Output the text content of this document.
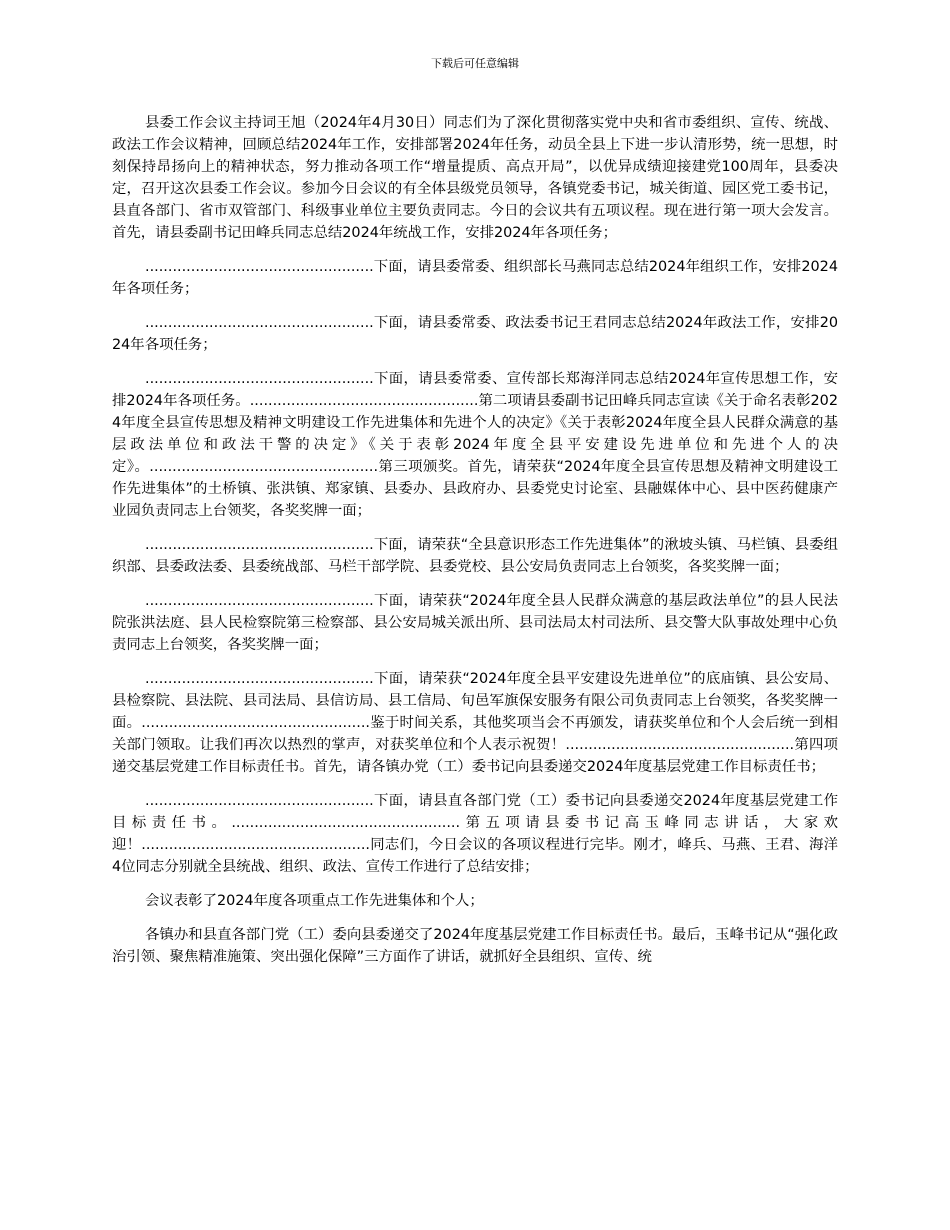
下载后可任意编辑

县委工作会议主持词王旭（2024年4月30日）同志们为了深化贯彻落实党中央和省市委组织、宣传、统战、政法工作会议精神，回顾总结2024年工作，安排部署2024年任务，动员全县上下进一步认清形势，统一思想，时刻保持昂扬向上的精神状态，努力推动各项工作“增量提质、高点开局”，以优异成绩迎接建党100周年，县委决定，召开这次县委工作会议。参加今日会议的有全体县级党员领导，各镇党委书记，城关街道、园区党工委书记，县直各部门、省市双管部门、科级事业单位主要负责同志。今日的会议共有五项议程。现在进行第一项大会发言。首先，请县委副书记田峰兵同志总结2024年统战工作，安排2024年各项任务；

..................................................下面，请县委常委、组织部长马燕同志总结2024年组织工作，安排2024年各项任务；

..................................................下面，请县委常委、政法委书记王君同志总结2024年政法工作，安排2024年各项任务；

..................................................下面，请县委常委、宣传部长郑海洋同志总结2024年宣传思想工作，安排2024年各项任务。..................................................第二项请县委副书记田峰兵同志宣读《关于命名表彰2024年度全县宣传思想及精神文明建设工作先进集体和先进个人的决定》《关于表彰2024年度全县人民群众满意的基层政法单位和政法干警的决定》《关于表彰2024年度全县平安建设先进单位和先进个人的决定》。..................................................第三项颁奖。首先，请荣获“2024年度全县宣传思想及精神文明建设工作先进集体”的土桥镇、张洪镇、郑家镇、县委办、县政府办、县委党史讨论室、县融媒体中心、县中医药健康产业园负责同志上台领奖，各奖奖牌一面；

..................................................下面，请荣获“全县意识形态工作先进集体”的湫坡头镇、马栏镇、县委组织部、县委政法委、县委统战部、马栏干部学院、县委党校、县公安局负责同志上台领奖，各奖奖牌一面；

..................................................下面，请荣获“2024年度全县人民群众满意的基层政法单位”的县人民法院张洪法庭、县人民检察院第三检察部、县公安局城关派出所、县司法局太村司法所、县交警大队事故处理中心负责同志上台领奖，各奖奖牌一面；

..................................................下面，请荣获“2024年度全县平安建设先进单位”的底庙镇、县公安局、县检察院、县法院、县司法局、县信访局、县工信局、旬邑军旗保安服务有限公司负责同志上台领奖，各奖奖牌一面。..................................................鉴于时间关系，其他奖项当会不再颁发，请获奖单位和个人会后统一到相关部门领取。让我们再次以热烈的掌声，对获奖单位和个人表示祝贺！..................................................第四项递交基层党建工作目标责任书。首先，请各镇办党（工）委书记向县委递交2024年度基层党建工作目标责任书；

..................................................下面，请县直各部门党（工）委书记向县委递交2024年度基层党建工作目标责任书。..................................................第五项请县委书记高玉峰同志讲话，大家欢迎！..................................................同志们，今日会议的各项议程进行完毕。刚才，峰兵、马燕、王君、海洋4位同志分别就全县统战、组织、政法、宣传工作进行了总结安排；

会议表彰了2024年度各项重点工作先进集体和个人；

各镇办和县直各部门党（工）委向县委递交了2024年度基层党建工作目标责任书。最后，玉峰书记从“强化政治引领、聚焦精准施策、突出强化保障”三方面作了讲话，就抓好全县组织、宣传、统
